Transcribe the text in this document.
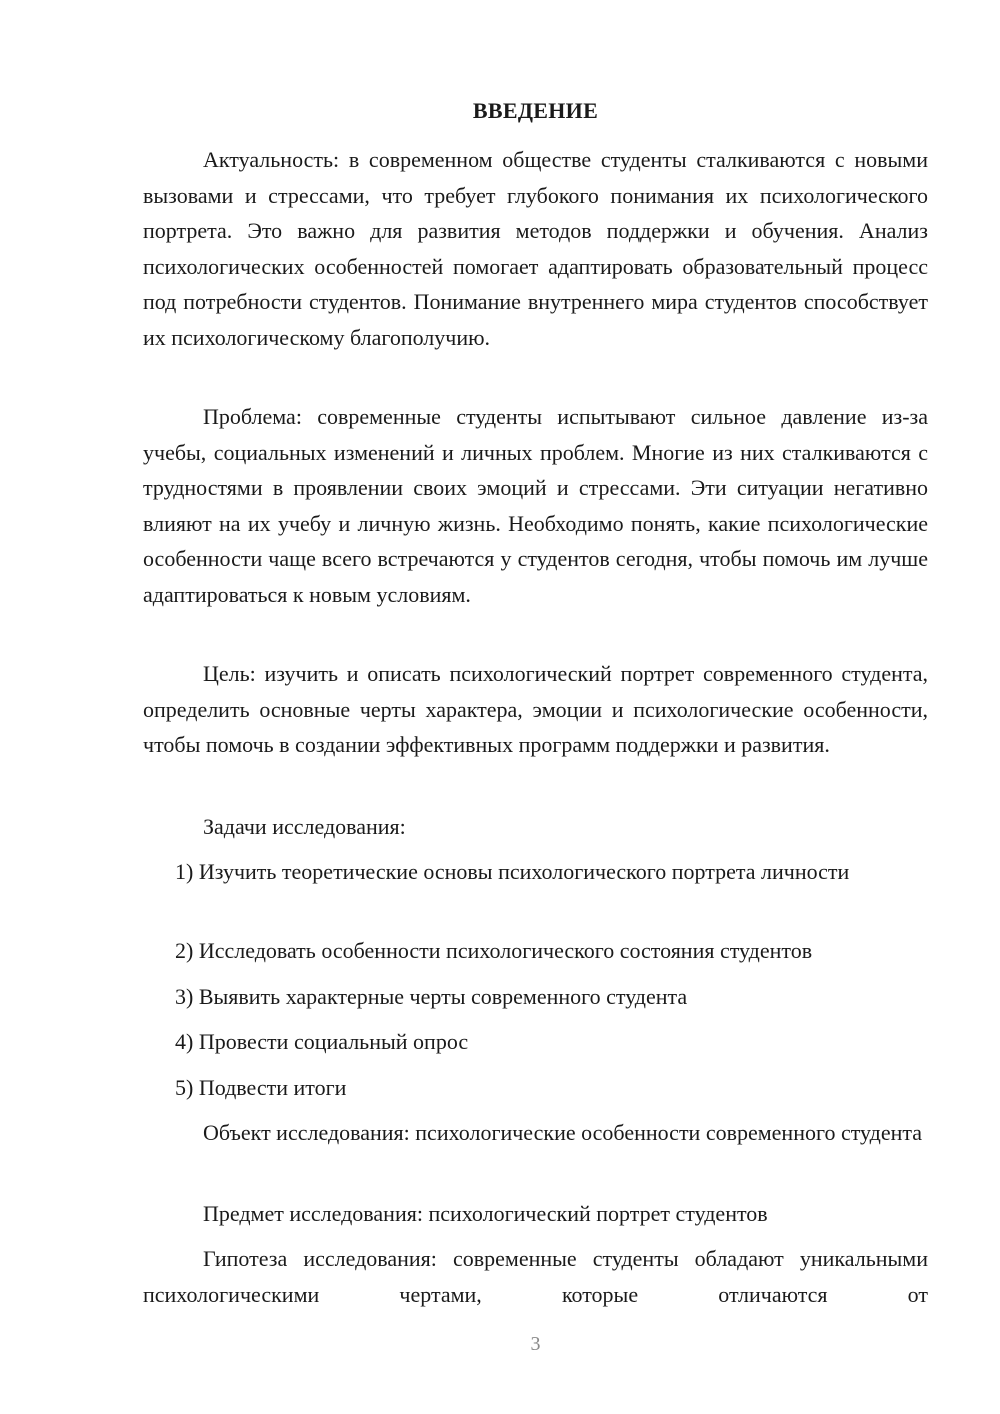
ВВЕДЕНИЕ

Актуальность: в современном обществе студенты сталкиваются с новыми вызовами и стрессами, что требует глубокого понимания их психологического портрета. Это важно для развития методов поддержки и обучения. Анализ психологических особенностей помогает адаптировать образовательный процесс под потребности студентов. Понимание внутреннего мира студентов способствует их психологическому благополучию.

Проблема: современные студенты испытывают сильное давление из-за учебы, социальных изменений и личных проблем. Многие из них сталкиваются с трудностями в проявлении своих эмоций и стрессами. Эти ситуации негативно влияют на их учебу и личную жизнь. Необходимо понять, какие психологические особенности чаще всего встречаются у студентов сегодня, чтобы помочь им лучше адаптироваться к новым условиям.

Цель: изучить и описать психологический портрет современного студента, определить основные черты характера, эмоции и психологические особенности, чтобы помочь в создании эффективных программ поддержки и развития.

Задачи исследования:

1) Изучить теоретические основы психологического портрета личности

2) Исследовать особенности психологического состояния студентов

3) Выявить характерные черты современного студента

4) Провести социальный опрос

5) Подвести итоги

Объект исследования: психологические особенности современного студента

Предмет исследования: психологический портрет студентов

Гипотеза исследования: современные студенты обладают уникальными психологическими чертами, которые отличаются от

3
